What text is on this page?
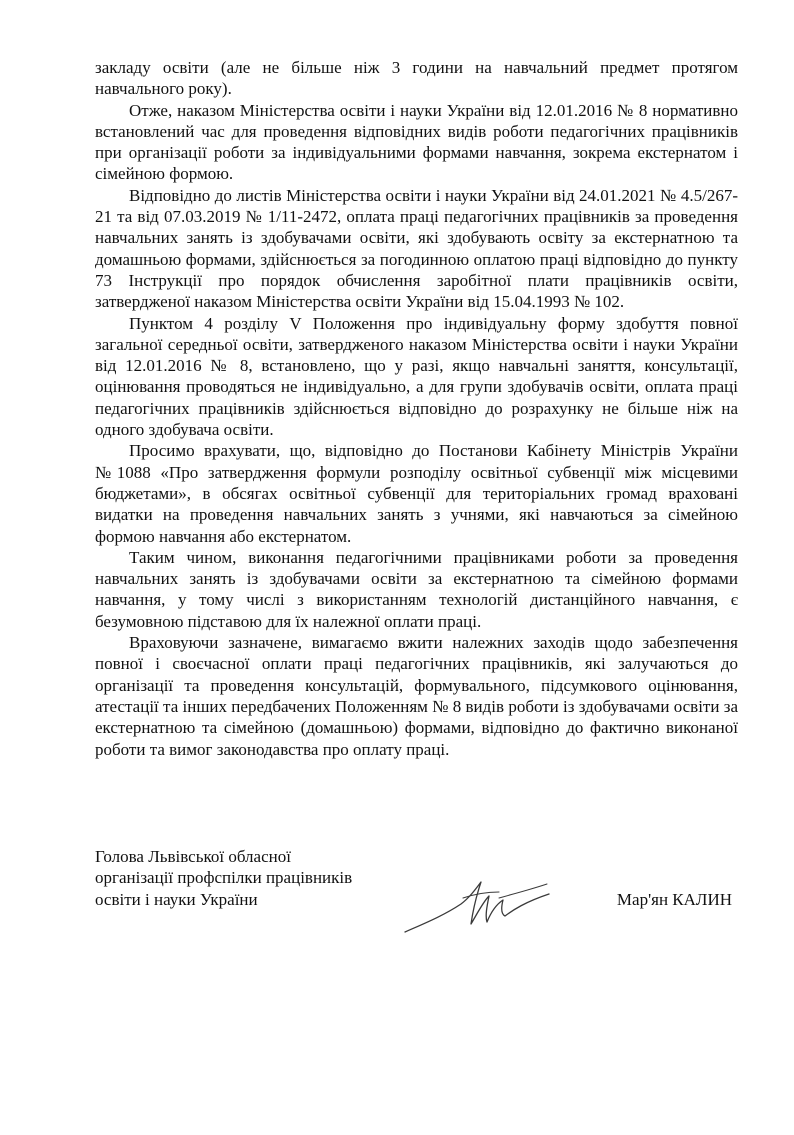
закладу освіти (але не більше ніж 3 години на навчальний предмет протягом навчального року).

Отже, наказом Міністерства освіти і науки України від 12.01.2016 № 8 нормативно встановлений час для проведення відповідних видів роботи педагогічних працівників при організації роботи за індивідуальними формами навчання, зокрема екстернатом і сімейною формою.

Відповідно до листів Міністерства освіти і науки України від 24.01.2021 № 4.5/267-21 та від 07.03.2019 № 1/11-2472, оплата праці педагогічних працівників за проведення навчальних занять із здобувачами освіти, які здобувають освіту за екстернатною та домашньою формами, здійснюється за погодинною оплатою праці відповідно до пункту 73 Інструкції про порядок обчислення заробітної плати працівників освіти, затвердженої наказом Міністерства освіти України від 15.04.1993 № 102.

Пунктом 4 розділу V Положення про індивідуальну форму здобуття повної загальної середньої освіти, затвердженого наказом Міністерства освіти і науки України від 12.01.2016 № 8, встановлено, що у разі, якщо навчальні заняття, консультації, оцінювання проводяться не індивідуально, а для групи здобувачів освіти, оплата праці педагогічних працівників здійснюється відповідно до розрахунку не більше ніж на одного здобувача освіти.

Просимо врахувати, що, відповідно до Постанови Кабінету Міністрів України №1088 «Про затвердження формули розподілу освітньої субвенції між місцевими бюджетами», в обсягах освітньої субвенції для територіальних громад враховані видатки на проведення навчальних занять з учнями, які навчаються за сімейною формою навчання або екстернатом.

Таким чином, виконання педагогічними працівниками роботи за проведення навчальних занять із здобувачами освіти за екстернатною та сімейною формами навчання, у тому числі з використанням технологій дистанційного навчання, є безумовною підставою для їх належної оплати праці.

Враховуючи зазначене, вимагаємо вжити належних заходів щодо забезпечення повної і своєчасної оплати праці педагогічних працівників, які залучаються до організації та проведення консультацій, формувального, підсумкового оцінювання, атестації та інших передбачених Положенням № 8 видів роботи із здобувачами освіти за екстернатною та сімейною (домашньою) формами, відповідно до фактично виконаної роботи та вимог законодавства про оплату праці.

Голова Львівської обласної
організації профспілки працівників
освіти і науки України	Мар'ян КАЛИН
